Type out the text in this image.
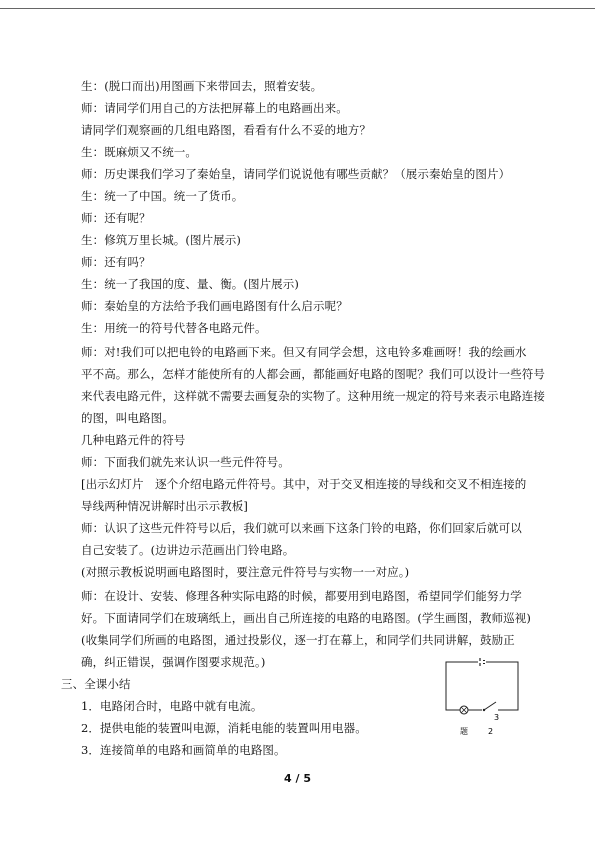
生：(脱口而出)用图画下来带回去，照着安装。
师：请同学们用自己的方法把屏幕上的电路画出来。
请同学们观察画的几组电路图，看看有什么不妥的地方？
生：既麻烦又不统一。
师：历史课我们学习了秦始皇，请同学们说说他有哪些贡献？（展示秦始皇的图片）
生：统一了中国。统一了货币。
师：还有呢？
生：修筑万里长城。(图片展示)
师：还有吗？
生：统一了我国的度、量、衡。(图片展示)
师：秦始皇的方法给予我们画电路图有什么启示呢？
生：用统一的符号代替各电路元件。
师：对!我们可以把电铃的电路画下来。但又有同学会想，这电铃多难画呀！我的绘画水
平不高。那么，怎样才能使所有的人都会画，都能画好电路的图呢？我们可以设计一些符号
来代表电路元件，这样就不需要去画复杂的实物了。这种用统一规定的符号来表示电路连接
的图，叫电路图。
几种电路元件的符号
师：下面我们就先来认识一些元件符号。
[出示幻灯片　逐个介绍电路元件符号。其中，对于交叉相连接的导线和交叉不相连接的
导线两种情况讲解时出示示教板]
师：认识了这些元件符号以后，我们就可以来画下这条门铃的电路，你们回家后就可以
自己安装了。(边讲边示范画出门铃电路。
(对照示教板说明画电路图时，要注意元件符号与实物一一对应。)
师：在设计、安装、修理各种实际电路的时候，都要用到电路图，希望同学们能努力学
好。下面请同学们在玻璃纸上，画出自己所连接的电路的电路图。(学生画图，教师巡视)
(收集同学们所画的电路图，通过投影仪，逐一打在幕上，和同学们共同讲解，鼓励正
确，纠正错误，强调作图要求规范。)
三、全课小结
1．电路闭合时，电路中就有电流。
2．提供电能的装置叫电源，消耗电能的装置叫用电器。
3．连接简单的电路和画简单的电路图。
3
题	2
4 / 5
